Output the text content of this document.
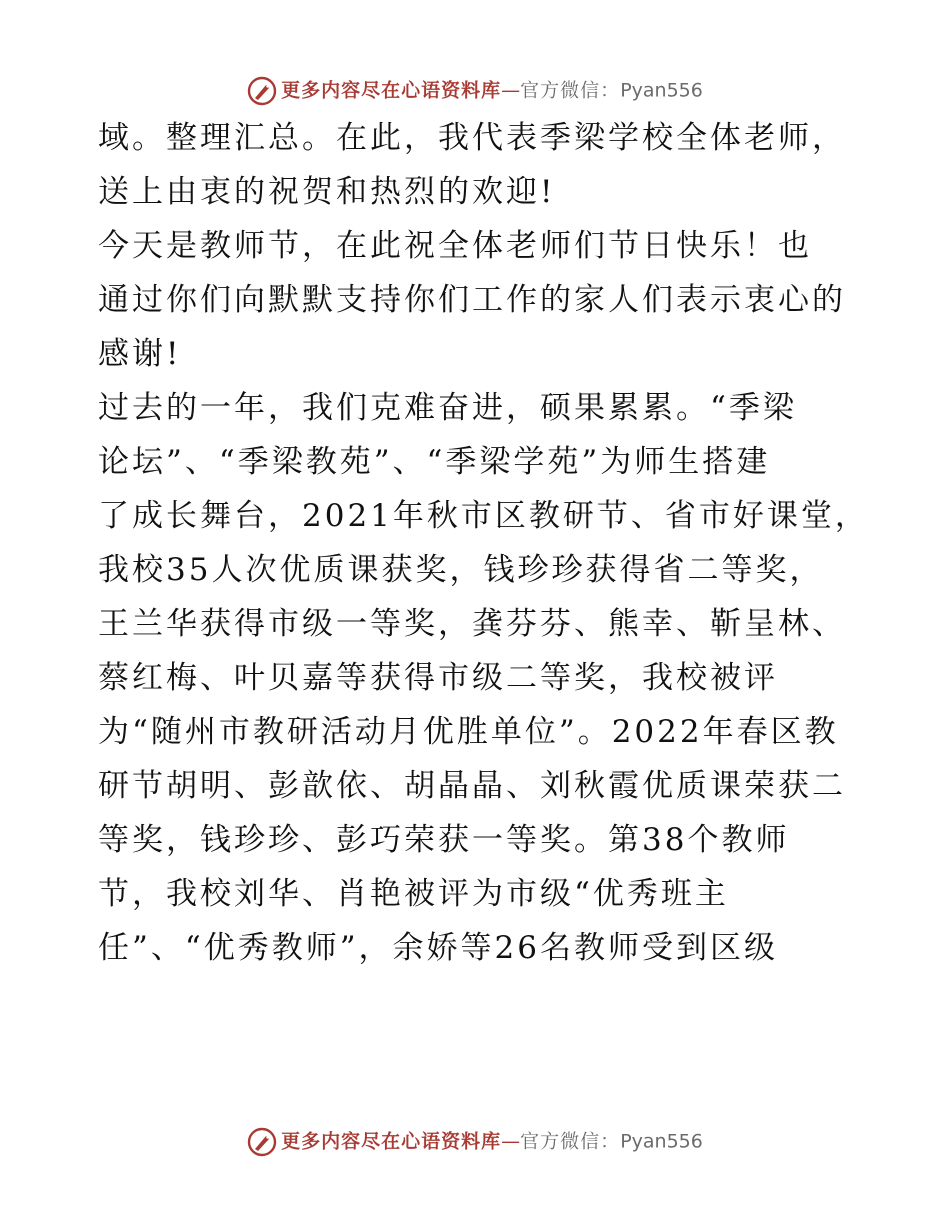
更多内容尽在心语资料库—官方微信：Pyan556
域。整理汇总。在此，我代表季梁学校全体老师，
送上由衷的祝贺和热烈的欢迎!
今天是教师节，在此祝全体老师们节日快乐！也
通过你们向默默支持你们工作的家人们表示衷心的
感谢!
过去的一年，我们克难奋进，硕果累累。“季梁
论坛”、“季梁教苑”、“季梁学苑”为师生搭建
了成长舞台，2021年秋市区教研节、省市好课堂，
我校35人次优质课获奖，钱珍珍获得省二等奖，
王兰华获得市级一等奖，龚芬芬、熊幸、靳呈林、
蔡红梅、叶贝嘉等获得市级二等奖，我校被评
为“随州市教研活动月优胜单位”。2022年春区教
研节胡明、彭歆依、胡晶晶、刘秋霞优质课荣获二
等奖，钱珍珍、彭巧荣获一等奖。第38个教师
节，我校刘华、肖艳被评为市级“优秀班主
任”、“优秀教师”，余娇等26名教师受到区级
更多内容尽在心语资料库—官方微信：Pyan556
